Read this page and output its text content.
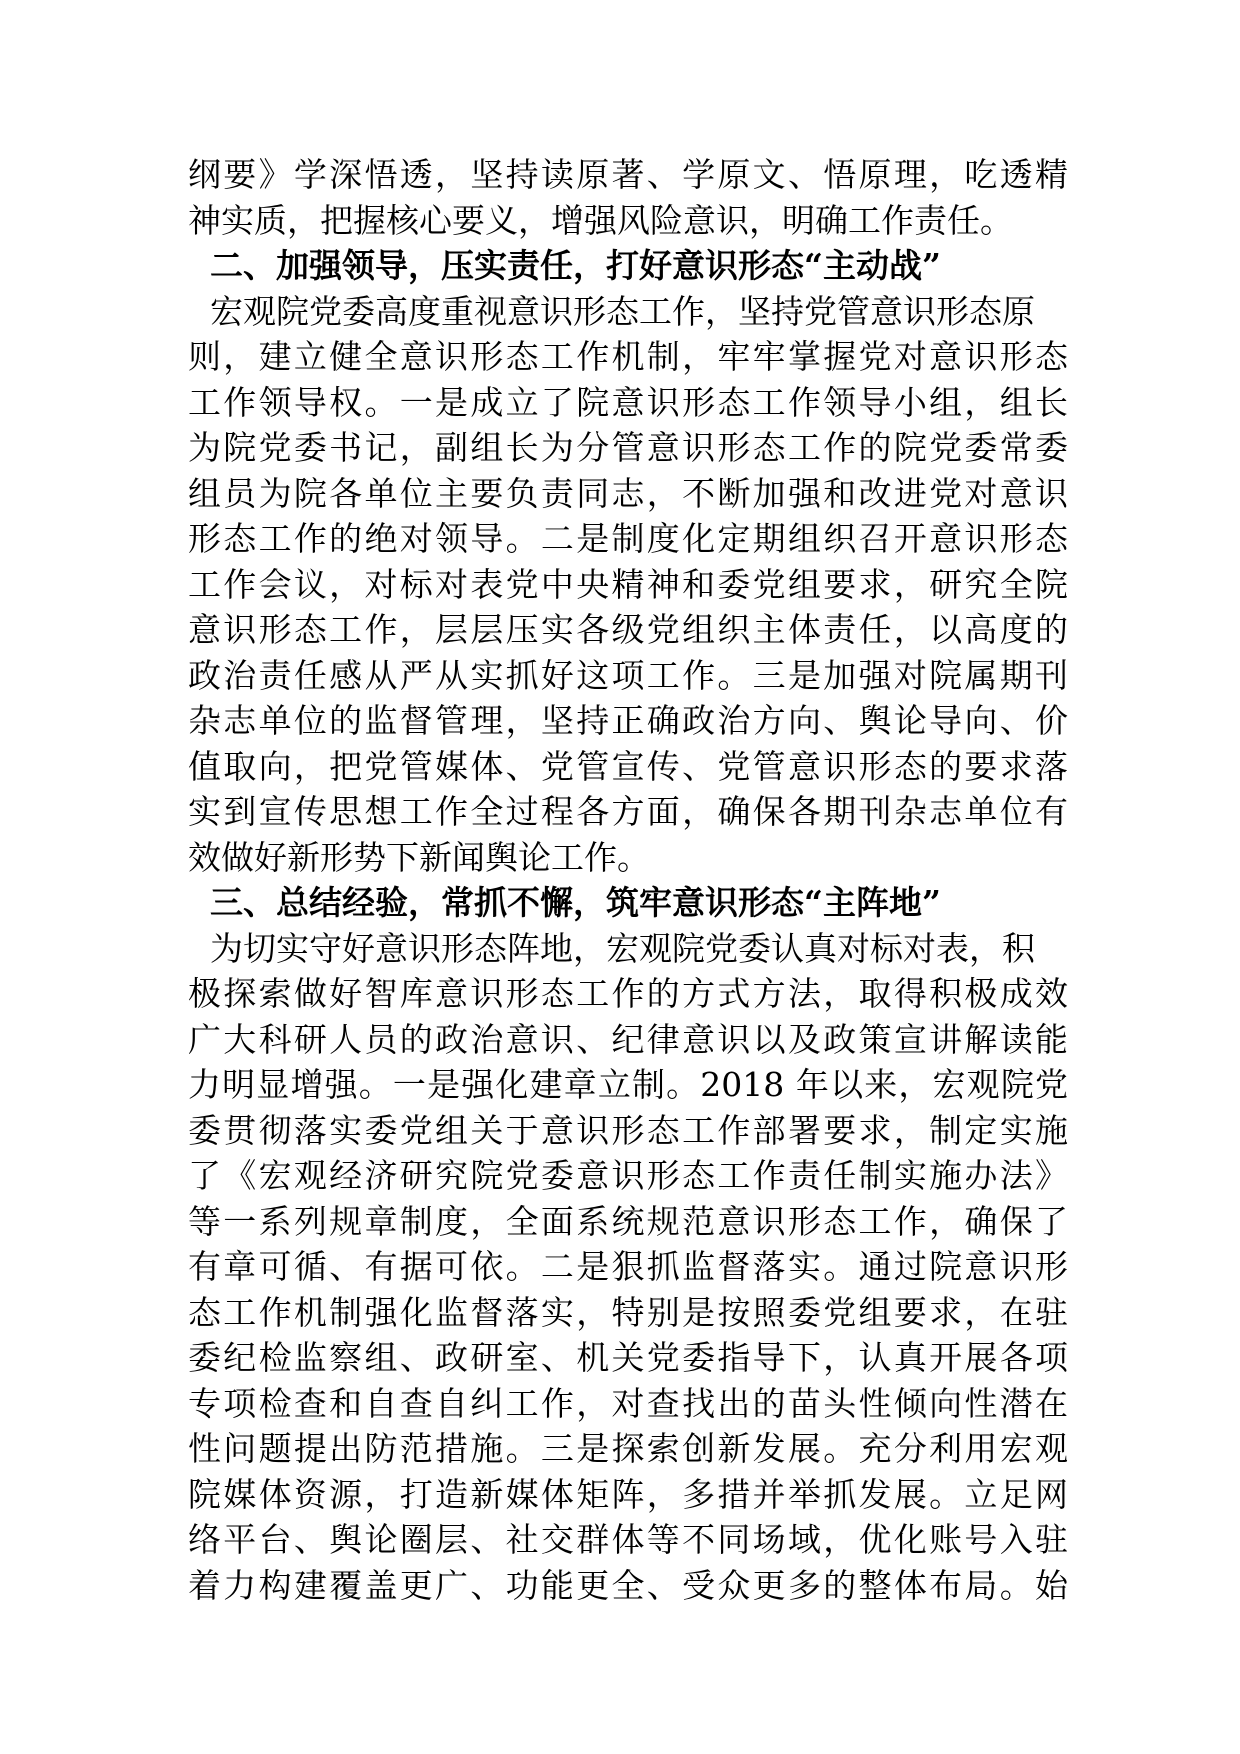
纲要》学深悟透，坚持读原著、学原文、悟原理，吃透精
神实质，把握核心要义，增强风险意识，明确工作责任。
二、加强领导，压实责任，打好意识形态“主动战”
宏观院党委高度重视意识形态工作，坚持党管意识形态原
则，建立健全意识形态工作机制，牢牢掌握党对意识形态
工作领导权。一是成立了院意识形态工作领导小组，组长
为院党委书记，副组长为分管意识形态工作的院党委常委
组员为院各单位主要负责同志，不断加强和改进党对意识
形态工作的绝对领导。二是制度化定期组织召开意识形态
工作会议，对标对表党中央精神和委党组要求，研究全院
意识形态工作，层层压实各级党组织主体责任，以高度的
政治责任感从严从实抓好这项工作。三是加强对院属期刊
杂志单位的监督管理，坚持正确政治方向、舆论导向、价
值取向，把党管媒体、党管宣传、党管意识形态的要求落
实到宣传思想工作全过程各方面，确保各期刊杂志单位有
效做好新形势下新闻舆论工作。
三、总结经验，常抓不懈，筑牢意识形态“主阵地”
为切实守好意识形态阵地，宏观院党委认真对标对表，积
极探索做好智库意识形态工作的方式方法，取得积极成效
广大科研人员的政治意识、纪律意识以及政策宣讲解读能
力明显增强。一是强化建章立制。2018 年以来，宏观院党
委贯彻落实委党组关于意识形态工作部署要求，制定实施
了《宏观经济研究院党委意识形态工作责任制实施办法》
等一系列规章制度，全面系统规范意识形态工作，确保了
有章可循、有据可依。二是狠抓监督落实。通过院意识形
态工作机制强化监督落实，特别是按照委党组要求，在驻
委纪检监察组、政研室、机关党委指导下，认真开展各项
专项检查和自查自纠工作，对查找出的苗头性倾向性潜在
性问题提出防范措施。三是探索创新发展。充分利用宏观
院媒体资源，打造新媒体矩阵，多措并举抓发展。立足网
络平台、舆论圈层、社交群体等不同场域，优化账号入驻
着力构建覆盖更广、功能更全、受众更多的整体布局。始
